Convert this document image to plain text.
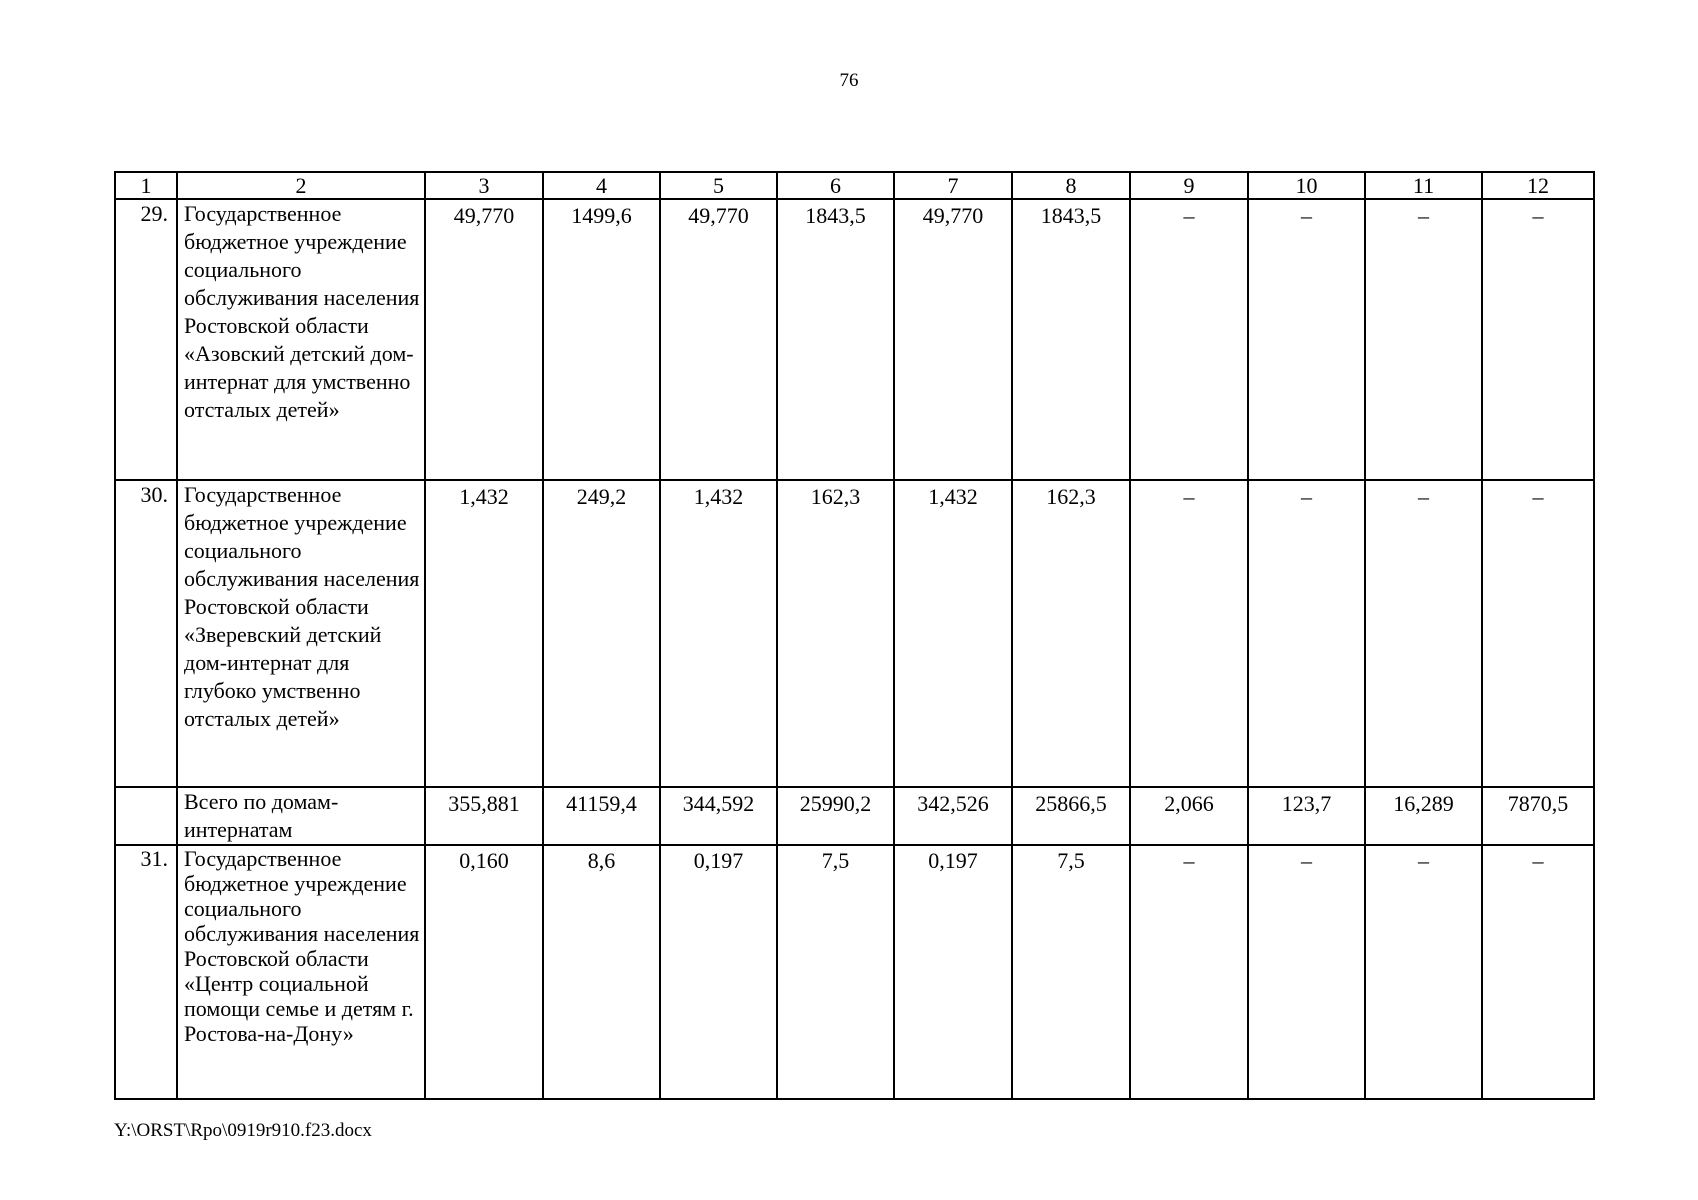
76
1	2	3	4	5	6	7	8	9	10	11	12
29.	Государственное бюджетное учреждение социального обслуживания населения Ростовской области «Азовский детский дом-интернат для умственно отсталых детей»	49,770	1499,6	49,770	1843,5	49,770	1843,5	–	–	–	–
30.	Государственное бюджетное учреждение социального обслуживания населения Ростовской области «Зверевский детский дом-интернат для глубоко умственно отсталых детей»	1,432	249,2	1,432	162,3	1,432	162,3	–	–	–	–
	Всего по домам-интернатам	355,881	41159,4	344,592	25990,2	342,526	25866,5	2,066	123,7	16,289	7870,5
31.	Государственное бюджетное учреждение социального обслуживания населения Ростовской области «Центр социальной помощи семье и детям г. Ростова-на-Дону»	0,160	8,6	0,197	7,5	0,197	7,5	–	–	–	–
Y:\ORST\Rpo\0919r910.f23.docx
